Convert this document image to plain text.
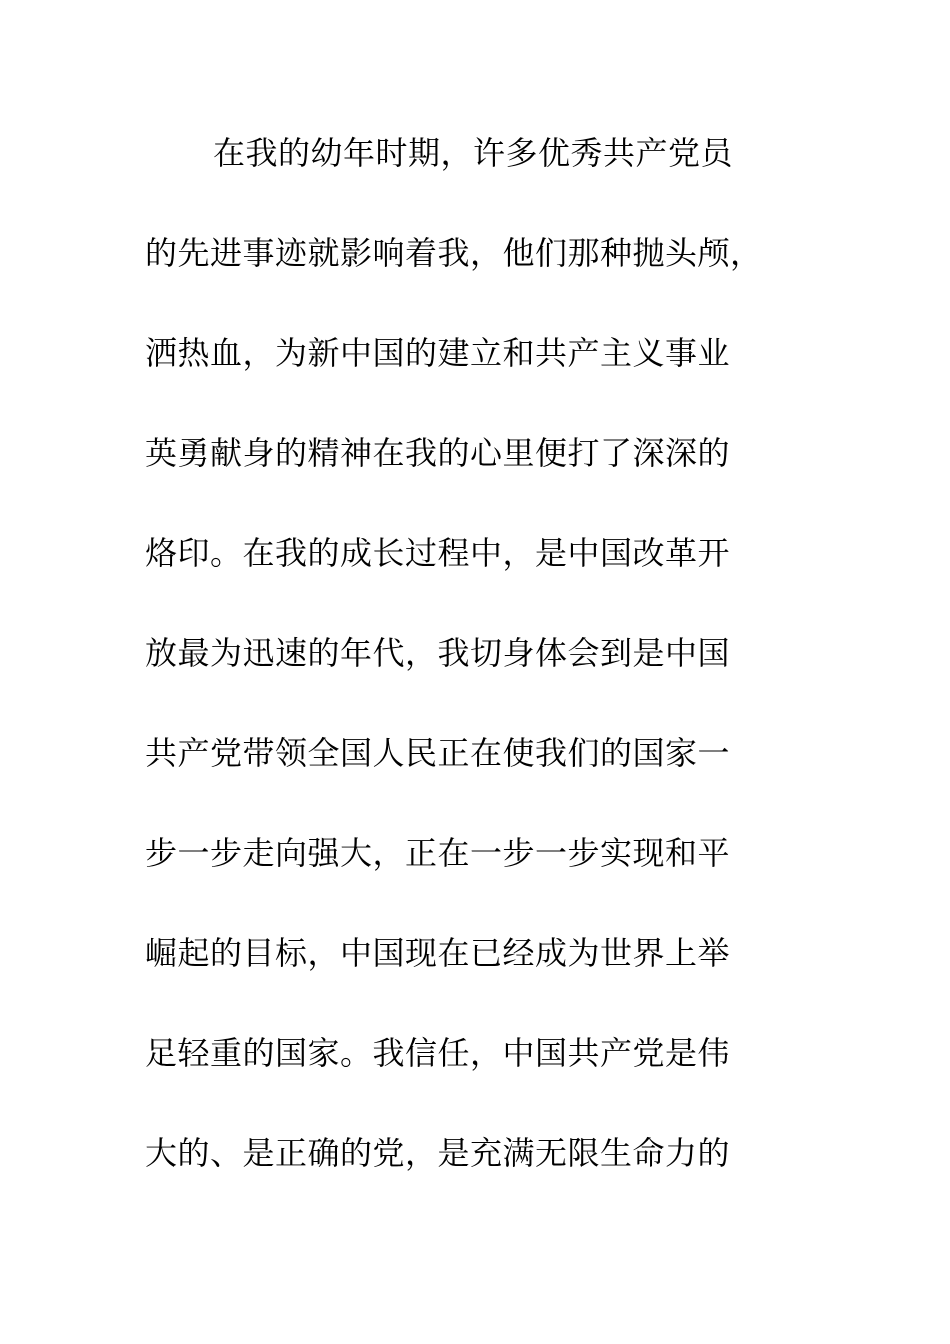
在我的幼年时期，许多优秀共产党员
的先进事迹就影响着我，他们那种抛头颅，
洒热血，为新中国的建立和共产主义事业
英勇献身的精神在我的心里便打了深深的
烙印。在我的成长过程中，是中国改革开
放最为迅速的年代，我切身体会到是中国
共产党带领全国人民正在使我们的国家一
步一步走向强大，正在一步一步实现和平
崛起的目标，中国现在已经成为世界上举
足轻重的国家。我信任，中国共产党是伟
大的、是正确的党，是充满无限生命力的
